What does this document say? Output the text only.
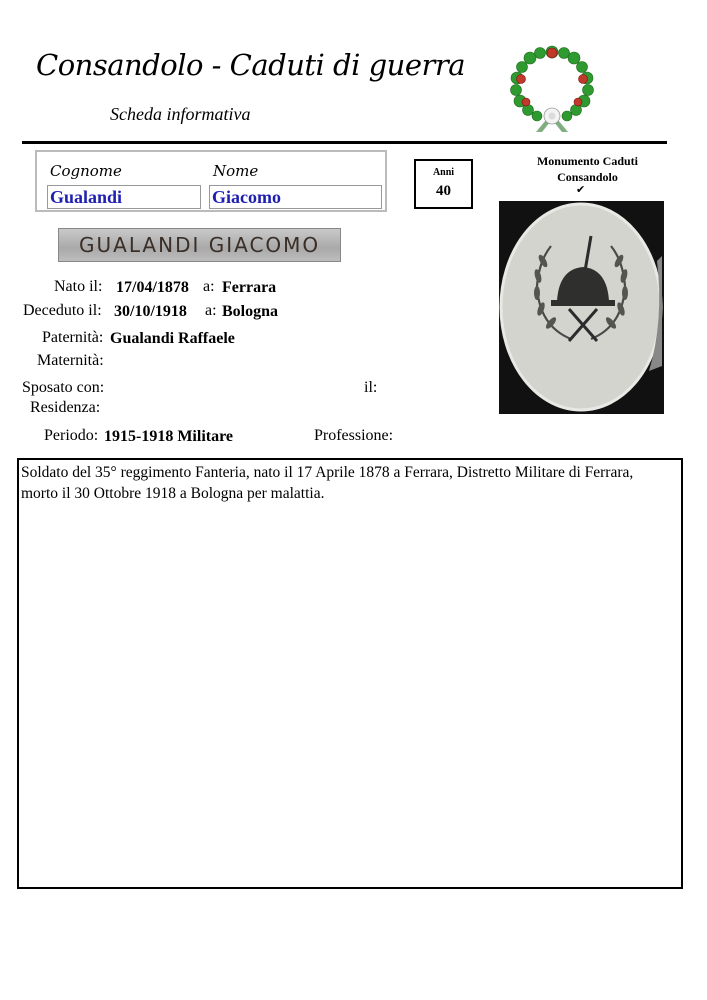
Consandolo - Caduti di guerra
Scheda informativa
Cognome	Nome
Gualandi	Giacomo
Anni
40
Monumento Caduti
Consandolo
✔
GUALANDI GIACOMO
Nato il: 17/04/1878 a: Ferrara
Deceduto il: 30/10/1918 a: Bologna
Paternità: Gualandi Raffaele
Maternità:
Sposato con:	il:
Residenza:
Periodo: 1915-1918 Militare	Professione:
Soldato del 35° reggimento Fanteria, nato il 17 Aprile 1878 a Ferrara, Distretto Militare di Ferrara,
morto il 30 Ottobre 1918 a Bologna per malattia.
